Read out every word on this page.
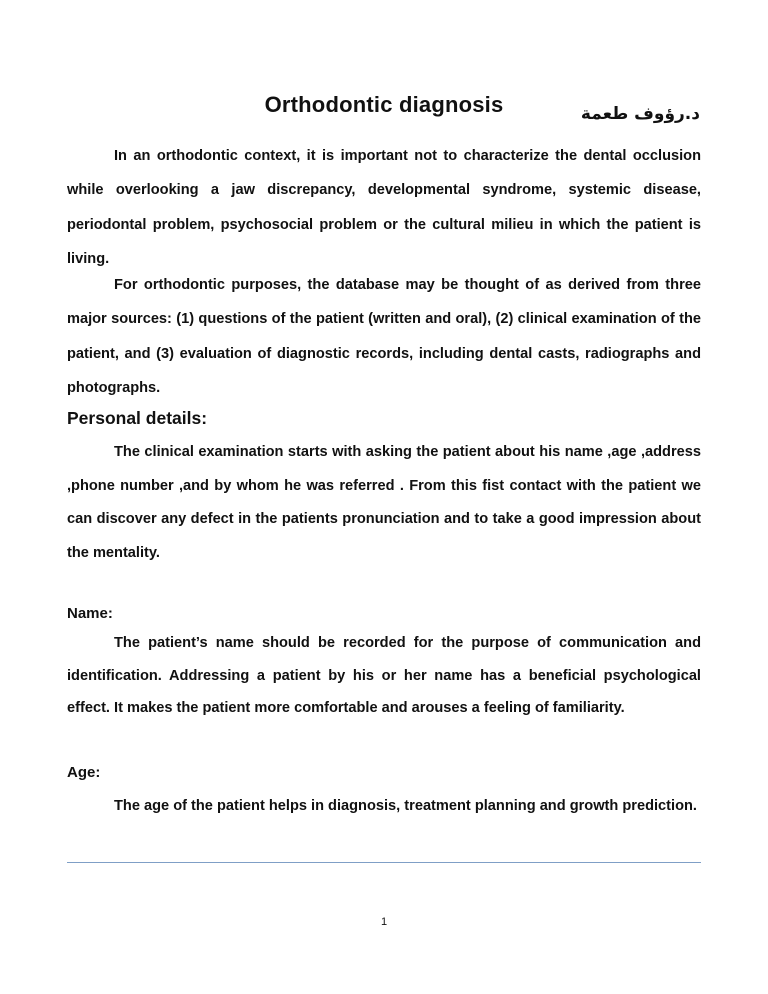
Orthodontic diagnosis	د.رؤوف طعمة

In an orthodontic context, it is important not to characterize the dental occlusion while overlooking a jaw discrepancy, developmental syndrome, systemic disease, periodontal problem, psychosocial problem or the cultural milieu in which the patient is living.

For orthodontic purposes, the database may be thought of as derived from three major sources: (1) questions of the patient (written and oral), (2) clinical examination of the patient, and (3) evaluation of diagnostic records, including dental casts, radiographs and photographs.

Personal details:

The clinical examination starts with asking the patient about his name ,age ,address ,phone number ,and by whom he was referred . From this fist contact with the patient we can discover any defect in the patients pronunciation and to take a good impression about the mentality.

Name:

The patient’s name should be recorded for the purpose of communication and identification. Addressing a patient by his or her name has a beneficial psychological effect. It makes the patient more comfortable and arouses a feeling of familiarity.

Age:

The age of the patient helps in diagnosis, treatment planning and growth prediction.

1
